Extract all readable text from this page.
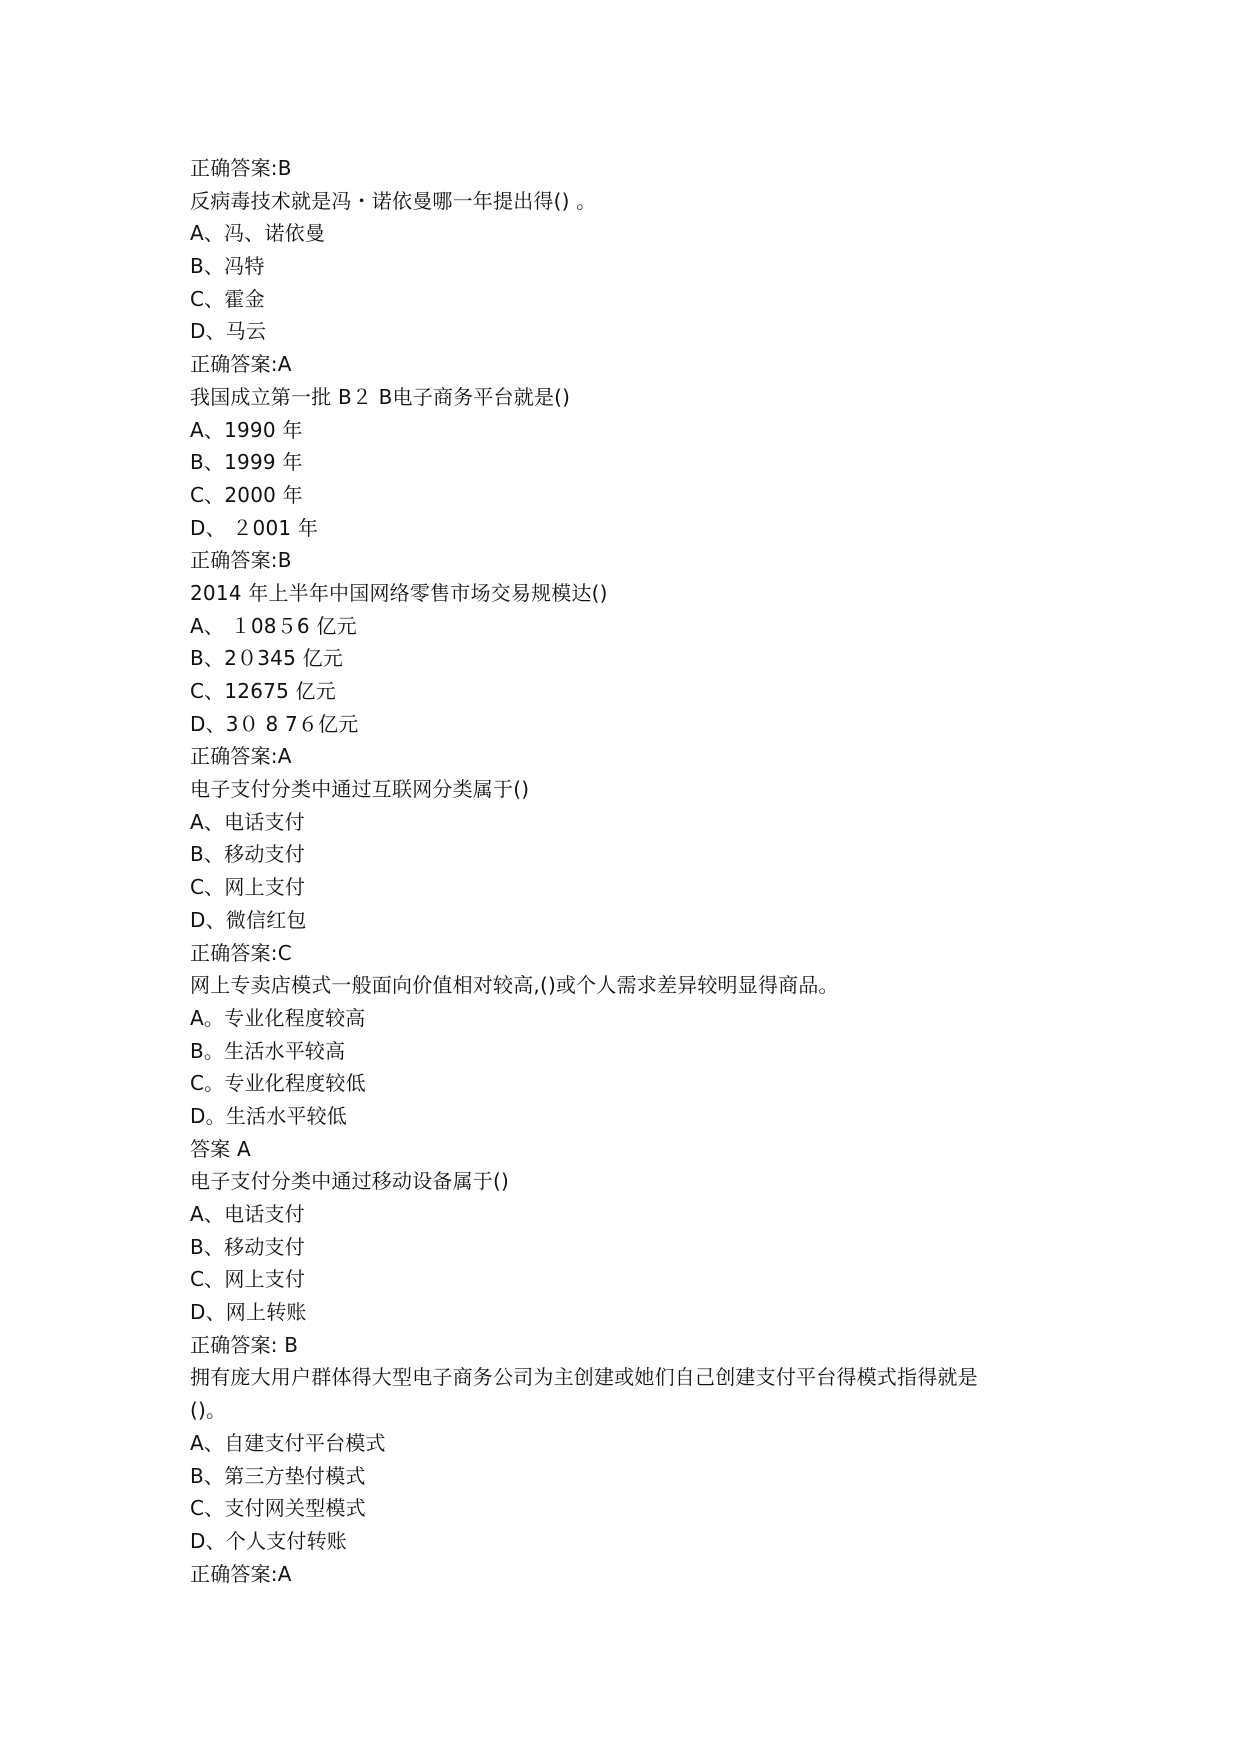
正确答案:B
反病毒技术就是冯・诺依曼哪一年提出得() 。
A、冯、诺依曼
B、冯特
C、霍金
D、马云
正确答案:A
我国成立第一批 B２ B电子商务平台就是()
A、1990 年
B、1999 年
C、2000 年
D、 ２001 年
正确答案:B
2014 年上半年中国网络零售市场交易规模达()
A、 １08５6 亿元
B、2０345 亿元
C、12675 亿元
D、3０ 8 7６亿元
正确答案:A
电子支付分类中通过互联网分类属于()
A、电话支付
B、移动支付
C、网上支付
D、微信红包
正确答案:C
网上专卖店模式一般面向价值相对较高,()或个人需求差异较明显得商品。
A。专业化程度较高
B。生活水平较高
C。专业化程度较低
D。生活水平较低
答案 A
电子支付分类中通过移动设备属于()
A、电话支付
B、移动支付
C、网上支付
D、网上转账
正确答案: B
拥有庞大用户群体得大型电子商务公司为主创建或她们自己创建支付平台得模式指得就是
()。
A、自建支付平台模式
B、第三方垫付模式
C、支付网关型模式
D、个人支付转账
正确答案:A
